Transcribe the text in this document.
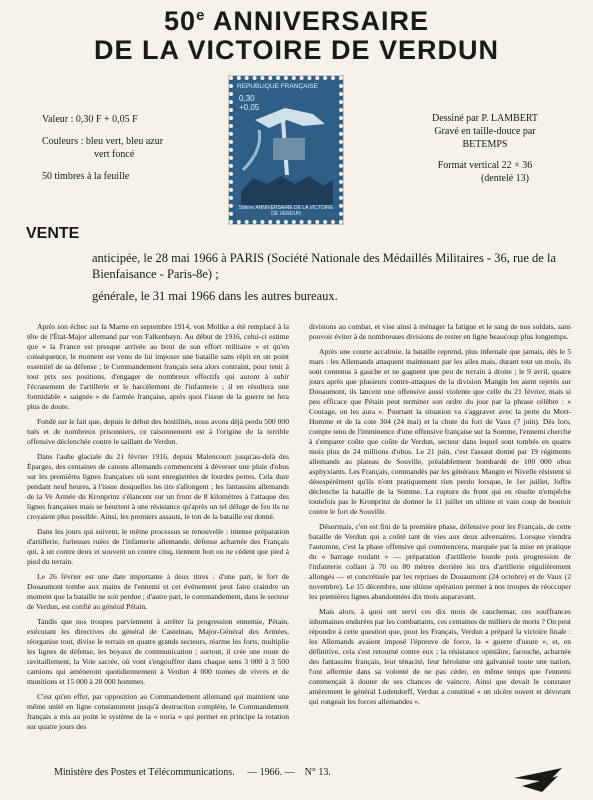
50e ANNIVERSAIRE
DE LA VICTOIRE DE VERDUN

Valeur : 0,30 F + 0,05 F

Couleurs : bleu vert, bleu azur
vert foncé

50 timbres à la feuille

REPUBLIQUE FRANÇAISE
0,30
+0,05
50ème ANNIVERSAIRE DE LA VICTOIRE DE VERDUN

Dessiné par P. LAMBERT

Gravé en taille-douce par BETEMPS

Format vertical 22 × 36

(dentelé 13)

VENTE

anticipée, le 28 mai 1966 à PARIS (Société Nationale des Médaillés Militaires - 36, rue de la Bienfaisance - Paris-8e) ;

générale, le 31 mai 1966 dans les autres bureaux.

Après son échec sur la Marne en septembre 1914, von Moltke a été remplacé à la tête de l'État-Major allemand par von Falkenhayn. Au début de 1916, celui-ci estime que « la France est presque arrivée au bout de son effort militaire » et qu'en conséquence, le moment est venu de lui imposer une bataille sans répit en un point essentiel de sa défense ; le Commandement français sera alors contraint, pour tenir à tout prix ses positions, d'engager de nombreux effectifs qui auront à subir l'écrasement de l'artillerie et le harcèlement de l'infanterie ; il en résultera une formidable « saignée » de l'armée française, après quoi l'issue de la guerre ne fera plus de doute.

Fondé sur le fait que, depuis le début des hostilités, nous avons déjà perdu 500 000 tués et de nombreux prisonniers, ce raisonnement est à l'origine de la terrible offensive déclenchée contre le saillant de Verdun.

Dans l'aube glaciale du 21 février 1916, depuis Malencourt jusqu'au-delà des Éparges, des centaines de canons allemands commencent à déverser une pluie d'obus sur les premières lignes françaises où sont enregistrées de lourdes pertes. Cela dure pendant neuf heures, à l'issue desquelles les tirs s'allongent ; les fantassins allemands de la Ve Armée du Kronprinz s'élancent sur un front de 8 kilomètres à l'attaque des lignes françaises mais se heurtent à une résistance qu'après un tel déluge de feu ils ne croyaient plus possible. Ainsi, les premiers assauts, le ton de la bataille est donné.

Dans les jours qui suivent, le même processus se renouvelle : intense préparation d'artillerie, furieuses ruées de l'infanterie allemande, défense acharnée des Français qui, à un contre deux et souvent un contre cinq, tiennent bon ou ne cèdent que pied à pied du terrain.

Le 26 février est une date importante à deux titres : d'une part, le fort de Douaumont tombe aux mains de l'ennemi et cet événement peut faire craindre un moment que la bataille ne soit perdue ; d'autre part, le commandement, dans le secteur de Verdun, est confié au général Pétain.

Tandis que nos troupes parviennent à arrêter la progression ennemie, Pétain, exécutant les directives du général de Castelnau, Major-Général des Armées, réorganise tout, divise le terrain en quatre grands secteurs, réarme les forts, multiplie les lignes de défense, les boyaux de communication ; surtout, il crée une route de ravitaillement, la Voie sacrée, où vont s'engouffrer dans chaque sens 3 000 à 3 500 camions qui amèneront quotidiennement à Verdun 4 000 tonnes de vivres et de munitions et 15 000 à 20 000 hommes.

C'est qu'en effet, par opposition au Commandement allemand qui maintient une même unité en ligne constamment jusqu'à destruction complète, le Commandement français a mis au point le système de la « noria » qui permet en principe la rotation sur quatre jours des

divisions au combat, et vise ainsi à ménager la fatigue et le sang de nos soldats, sans pouvoir éviter à de nombreuses divisions de rester en ligne beaucoup plus longtemps.

Après une courte accalmie, la bataille reprend, plus infernale que jamais, dès le 5 mars : les Allemands attaquent maintenant par les ailes mais, durant tout un mois, ils sont contenus à gauche et ne gagnent que peu de terrain à droite ; le 9 avril, quatre jours après que plusieurs contre-attaques de la division Mangin les aient rejetés sur Douaumont, ils lancent une offensive aussi violente que celle du 21 février, mais si peu efficace que Pétain peut terminer son ordre du jour par la phrase célèbre : « Courage, on les aura ». Pourtant la situation va s'aggraver avec la perte du Mort-Homme et de la cote 304 (24 mai) et la chute du fort de Vaux (7 juin). Dès lors, compte tenu de l'imminence d'une offensive française sur la Somme, l'ennemi cherche à s'emparer coûte que coûte de Verdun, secteur dans lequel sont tombés en quatre mois plus de 24 millions d'obus. Le 21 juin, c'est l'assaut donné par 19 régiments allemands au plateau de Souville, préalablement bombardé de 100 000 obus asphyxiants. Les Français, commandés par les généraux Mangin et Nivelle résistent si désespérément qu'ils n'ont pratiquement rien perdu lorsque, le 1er juillet, Joffre déclenche la bataille de la Somme. La rupture du front qui en résulte n'empêche toutefois pas le Kronprinz de donner le 11 juillet un ultime et vain coup de boutoir contre le fort de Souville.

Désormais, c'en est fini de la première phase, défensive pour les Français, de cette bataille de Verdun qui a coûté tant de vies aux deux adversaires. Lorsque viendra l'automne, c'est la phase offensive qui commencera, marquée par la mise en pratique du « barrage roulant » — préparation d'artillerie lourde puis progression de l'infanterie collant à 70 ou 80 mètres derrière les tirs d'artillerie régulièrement allongés — et concrétisée par les reprises de Douaumont (24 octobre) et de Vaux (2 novembre). Le 15 décembre, une ultime opération permet à nos troupes de réoccuper les premières lignes abandonnées dix mois auparavant.

Mais alors, à quoi ont servi ces dix mois de cauchemar, ces souffrances inhumaines endurées par les combattants, ces centaines de milliers de morts ? On peut répondre à cette question que, pour les Français, Verdun a préparé la victoire finale : les Allemands avaient imposé l'épreuve de force, la « guerre d'usure », et, en définitive, cela s'est retourné contre eux ; la résistance opiniâtre, farouche, acharnée des fantassins français, leur ténacité, leur héroïsme ont galvanisé toute une nation, l'ont affermie dans sa volonté de ne pas céder, en même temps que l'ennemi commençait à douter de ses chances de vaincre. Ainsi que devait le constater amèrement le général Ludendorff, Verdun a constitué « un ulcère ouvert et dévorant qui rongeait les forces allemandes ».

Ministère des Postes et Télécommunications. — 1966. — N° 13.
